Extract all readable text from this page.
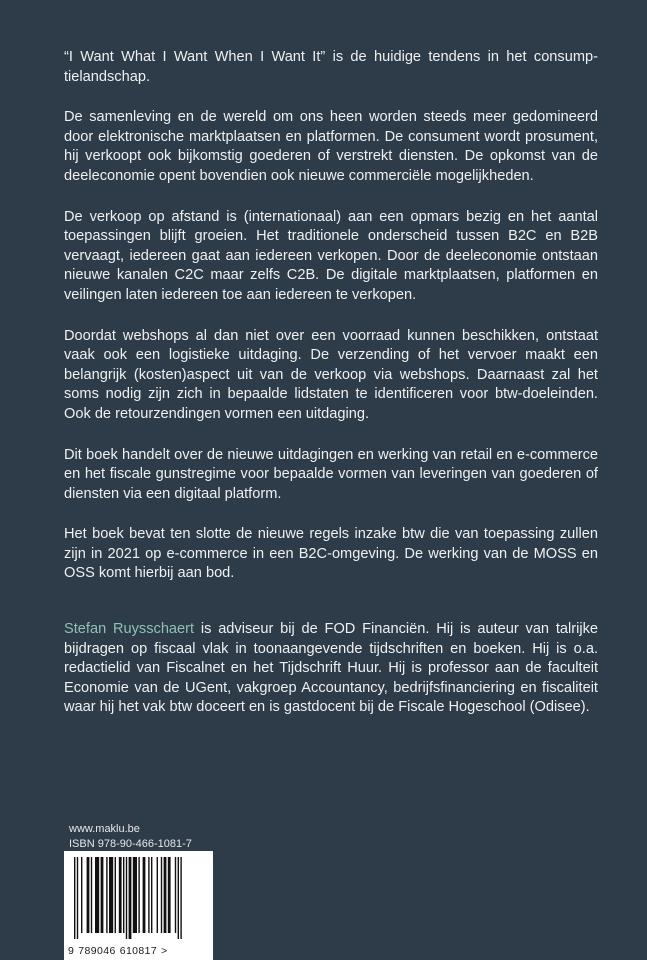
“I Want What I Want When I Want It” is de huidige tendens in het consumptielandschap.

De samenleving en de wereld om ons heen worden steeds meer gedomineerd door elektronische marktplaatsen en platformen. De consument wordt prosument, hij verkoopt ook bijkomstig goederen of verstrekt diensten. De opkomst van de deeleconomie opent bovendien ook nieuwe commerciële mogelijkheden.

De verkoop op afstand is (internationaal) aan een opmars bezig en het aantal toepassingen blijft groeien. Het traditionele onderscheid tussen B2C en B2B vervaagt, iedereen gaat aan iedereen verkopen. Door de deeleconomie ontstaan nieuwe kanalen C2C maar zelfs C2B. De digitale marktplaatsen, platformen en veilingen laten iedereen toe aan iedereen te verkopen.

Doordat webshops al dan niet over een voorraad kunnen beschikken, ontstaat vaak ook een logistieke uitdaging. De verzending of het vervoer maakt een belangrijk (kosten)aspect uit van de verkoop via webshops. Daarnaast zal het soms nodig zijn zich in bepaalde lidstaten te identificeren voor btw-doeleinden. Ook de retourzendingen vormen een uitdaging.

Dit boek handelt over de nieuwe uitdagingen en werking van retail en e-commerce en het fiscale gunstregime voor bepaalde vormen van leveringen van goederen of diensten via een digitaal platform.

Het boek bevat ten slotte de nieuwe regels inzake btw die van toepassing zullen zijn in 2021 op e-commerce in een B2C-omgeving. De werking van de MOSS en OSS komt hierbij aan bod.

Stefan Ruysschaert is adviseur bij de FOD Financiën. Hij is auteur van talrijke bijdragen op fiscaal vlak in toonaangevende tijdschriften en boeken. Hij is o.a. redactielid van Fiscalnet en het Tijdschrift Huur. Hij is professor aan de faculteit Economie van de UGent, vakgroep Accountancy, bedrijfsfinanciering en fiscaliteit waar hij het vak btw doceert en is gastdocent bij de Fiscale Hogeschool (Odisee).

www.maklu.be
ISBN 978-90-466-1081-7
9 789046 610817 >
